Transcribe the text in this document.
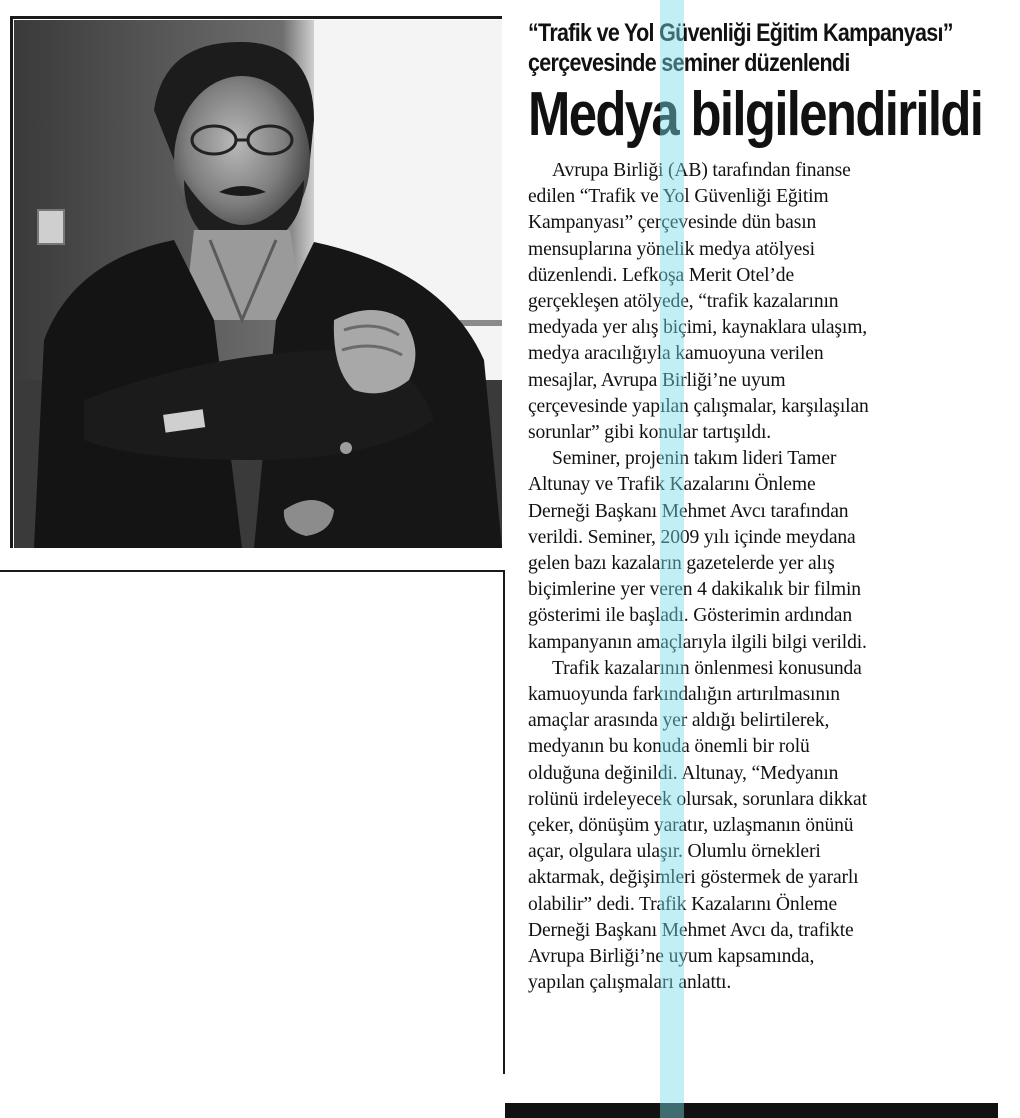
“Trafik ve Yol Güvenliği Eğitim Kampanyası”

çerçevesinde seminer düzenlendi

Medya bilgilendirildi
Avrupa Birliği (AB) tarafından finanse
edilen “Trafik ve Yol Güvenliği Eğitim
Kampanyası” çerçevesinde dün basın
mensuplarına yönelik medya atölyesi
düzenlendi. Lefkoşa Merit Otel’de
gerçekleşen atölyede, “trafik kazalarının
medyada yer alış biçimi, kaynaklara ulaşım,
medya aracılığıyla kamuoyuna verilen
mesajlar, Avrupa Birliği’ne uyum
çerçevesinde yapılan çalışmalar, karşılaşılan
sorunlar” gibi konular tartışıldı.
Seminer, projenin takım lideri Tamer
Altunay ve Trafik Kazalarını Önleme
Derneği Başkanı Mehmet Avcı tarafından
verildi. Seminer, 2009 yılı içinde meydana
gelen bazı kazaların gazetelerde yer alış
biçimlerine yer veren 4 dakikalık bir filmin
gösterimi ile başladı. Gösterimin ardından
kampanyanın amaçlarıyla ilgili bilgi verildi.
Trafik kazalarının önlenmesi konusunda
kamuoyunda farkındalığın artırılmasının
amaçlar arasında yer aldığı belirtilerek,
medyanın bu konuda önemli bir rolü
olduğuna değinildi. Altunay, “Medyanın
rolünü irdeleyecek olursak, sorunlara dikkat
çeker, dönüşüm yaratır, uzlaşmanın önünü
açar, olgulara ulaşır. Olumlu örnekleri
aktarmak, değişimleri göstermek de yararlı
olabilir” dedi. Trafik Kazalarını Önleme
Derneği Başkanı Mehmet Avcı da, trafikte
Avrupa Birliği’ne uyum kapsamında,
yapılan çalışmaları anlattı.
